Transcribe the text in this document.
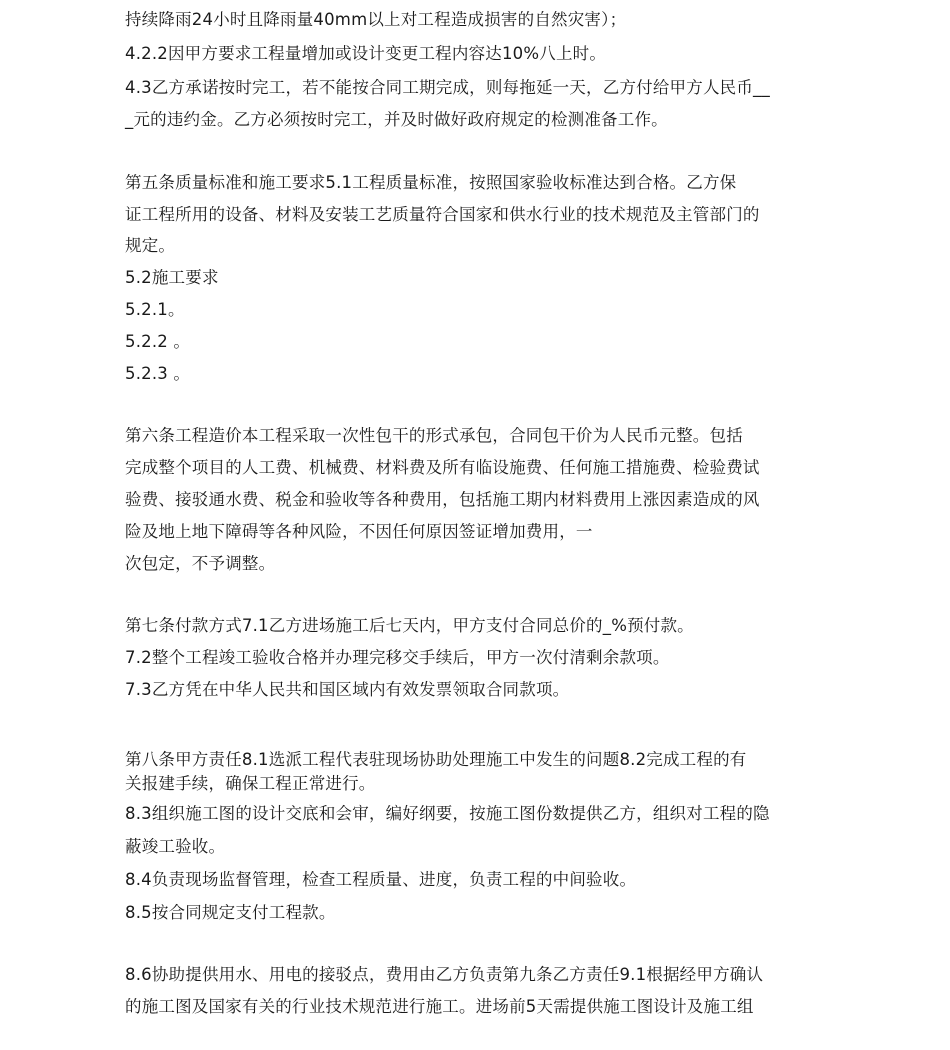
持续降雨24小时且降雨量40mm以上对工程造成损害的自然灾害）；
4.2.2因甲方要求工程量增加或设计变更工程内容达10%八上时。
4.3乙方承诺按时完工，若不能按合同工期完成，则每拖延一天，乙方付给甲方人民币__
_元的违约金。乙方必须按时完工，并及时做好政府规定的检测准备工作。
第五条质量标准和施工要求5.1工程质量标准，按照国家验收标准达到合格。乙方保
证工程所用的设备、材料及安装工艺质量符合国家和供水行业的技术规范及主管部门的
规定。
5.2施工要求
5.2.1。
5.2.2 。
5.2.3 。
第六条工程造价本工程采取一次性包干的形式承包，合同包干价为人民币元整。包括
完成整个项目的人工费、机械费、材料费及所有临设施费、任何施工措施费、检验费试
验费、接驳通水费、税金和验收等各种费用，包括施工期内材料费用上涨因素造成的风
险及地上地下障碍等各种风险，不因任何原因签证增加费用，一
次包定，不予调整。
第七条付款方式7.1乙方进场施工后七天内，甲方支付合同总价的_%预付款。
7.2整个工程竣工验收合格并办理完移交手续后，甲方一次付清剩余款项。
7.3乙方凭在中华人民共和国区域内有效发票领取合同款项。
第八条甲方责任8.1选派工程代表驻现场协助处理施工中发生的问题8.2完成工程的有
关报建手续，确保工程正常进行。
8.3组织施工图的设计交底和会审，编好纲要，按施工图份数提供乙方，组织对工程的隐
蔽竣工验收。
8.4负责现场监督管理，检查工程质量、进度，负责工程的中间验收。
8.5按合同规定支付工程款。
8.6协助提供用水、用电的接驳点，费用由乙方负责第九条乙方责任9.1根据经甲方确认
的施工图及国家有关的行业技术规范进行施工。进场前5天需提供施工图设计及施工组
